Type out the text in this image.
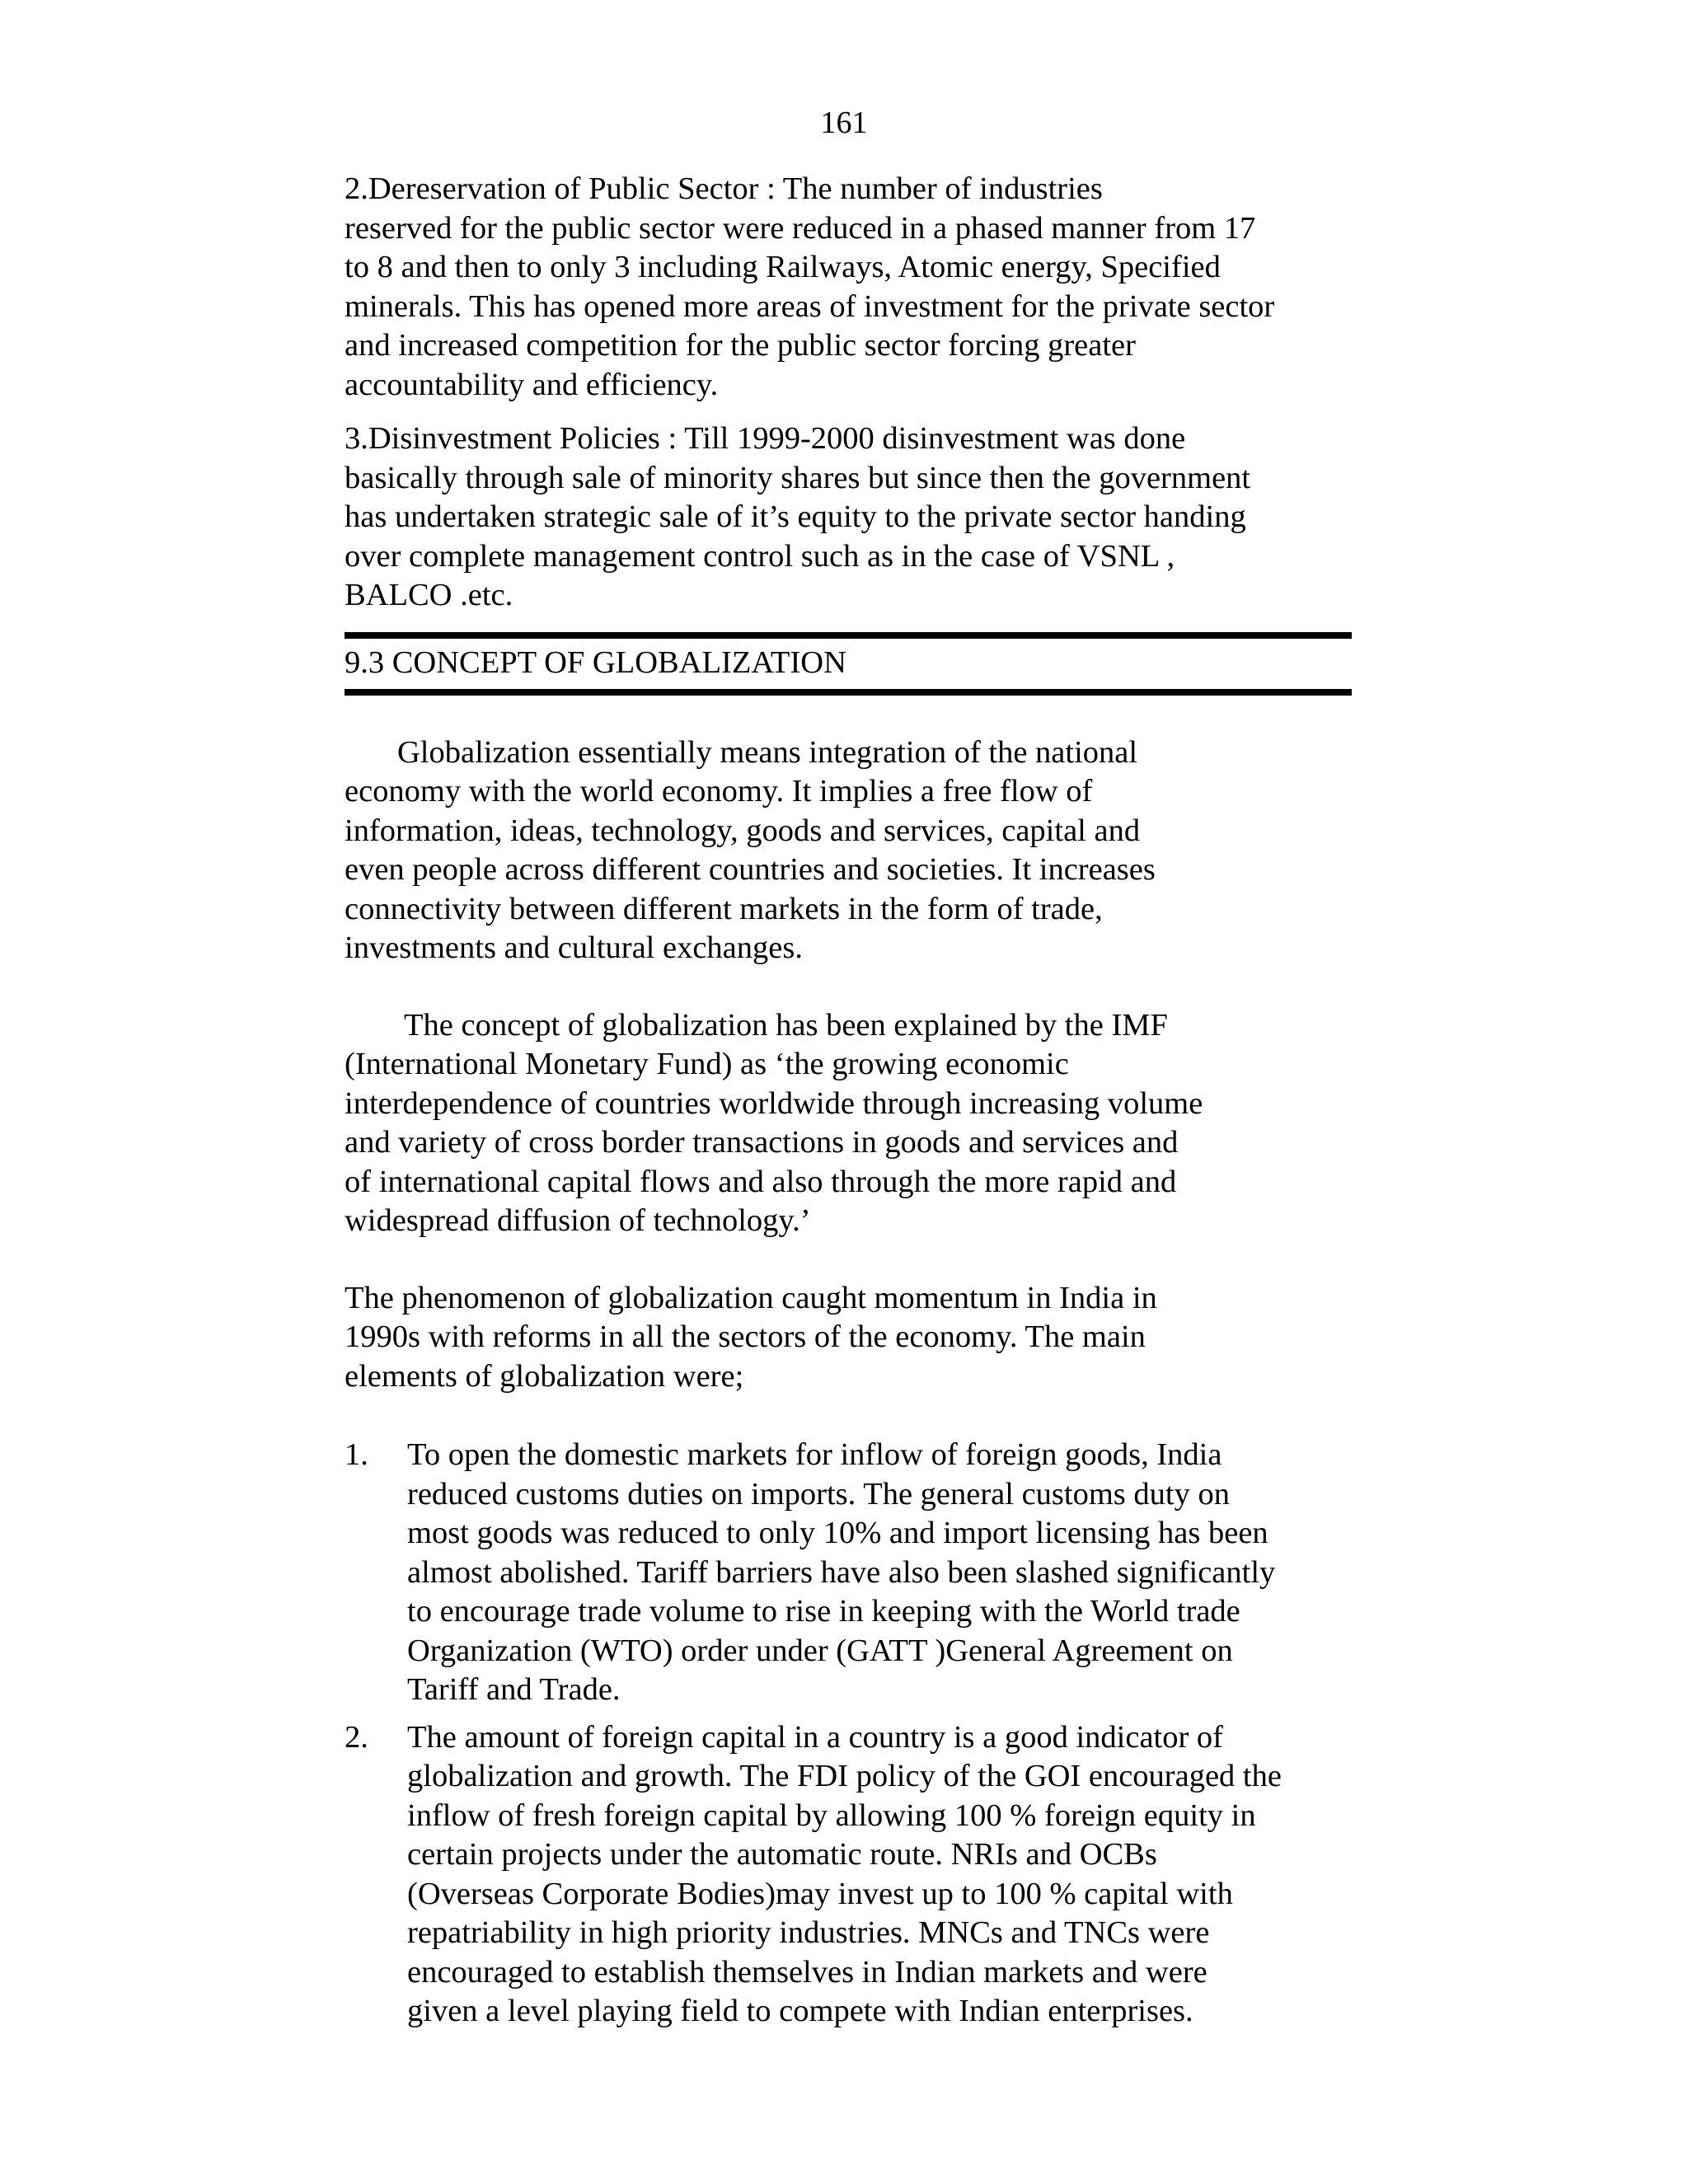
161
2.Dereservation of Public Sector : The number of industries
reserved for the public sector were reduced in a phased manner from 17
to 8 and then to only 3 including Railways, Atomic energy, Specified
minerals. This has opened more areas of investment for the private sector
and increased competition for the public sector forcing greater
accountability and efficiency.
3.Disinvestment Policies : Till 1999-2000 disinvestment was done
basically through sale of minority shares but since then the government
has undertaken strategic sale of it’s equity to the private sector handing
over complete management control such as in the case of VSNL ,
BALCO .etc.
9.3 CONCEPT OF GLOBALIZATION
Globalization essentially means integration of the national
economy with the world economy. It implies a free flow of
information, ideas, technology, goods and services, capital and
even people across different countries and societies. It increases
connectivity between different markets in the form of trade,
investments and cultural exchanges.
The concept of globalization has been explained by the IMF
(International Monetary Fund) as ‘the growing economic
interdependence of countries worldwide through increasing volume
and variety of cross border transactions in goods and services and
of international capital flows and also through the more rapid and
widespread diffusion of technology.’
The phenomenon of globalization caught momentum in India in
1990s with reforms in all the sectors of the economy. The main
elements of globalization were;
1. To open the domestic markets for inflow of foreign goods, India
reduced customs duties on imports. The general customs duty on
most goods was reduced to only 10% and import licensing has been
almost abolished. Tariff barriers have also been slashed significantly
to encourage trade volume to rise in keeping with the World trade
Organization (WTO) order under (GATT )General Agreement on
Tariff and Trade.
2. The amount of foreign capital in a country is a good indicator of
globalization and growth. The FDI policy of the GOI encouraged the
inflow of fresh foreign capital by allowing 100 % foreign equity in
certain projects under the automatic route. NRIs and OCBs
(Overseas Corporate Bodies)may invest up to 100 % capital with
repatriability in high priority industries. MNCs and TNCs were
encouraged to establish themselves in Indian markets and were
given a level playing field to compete with Indian enterprises.
